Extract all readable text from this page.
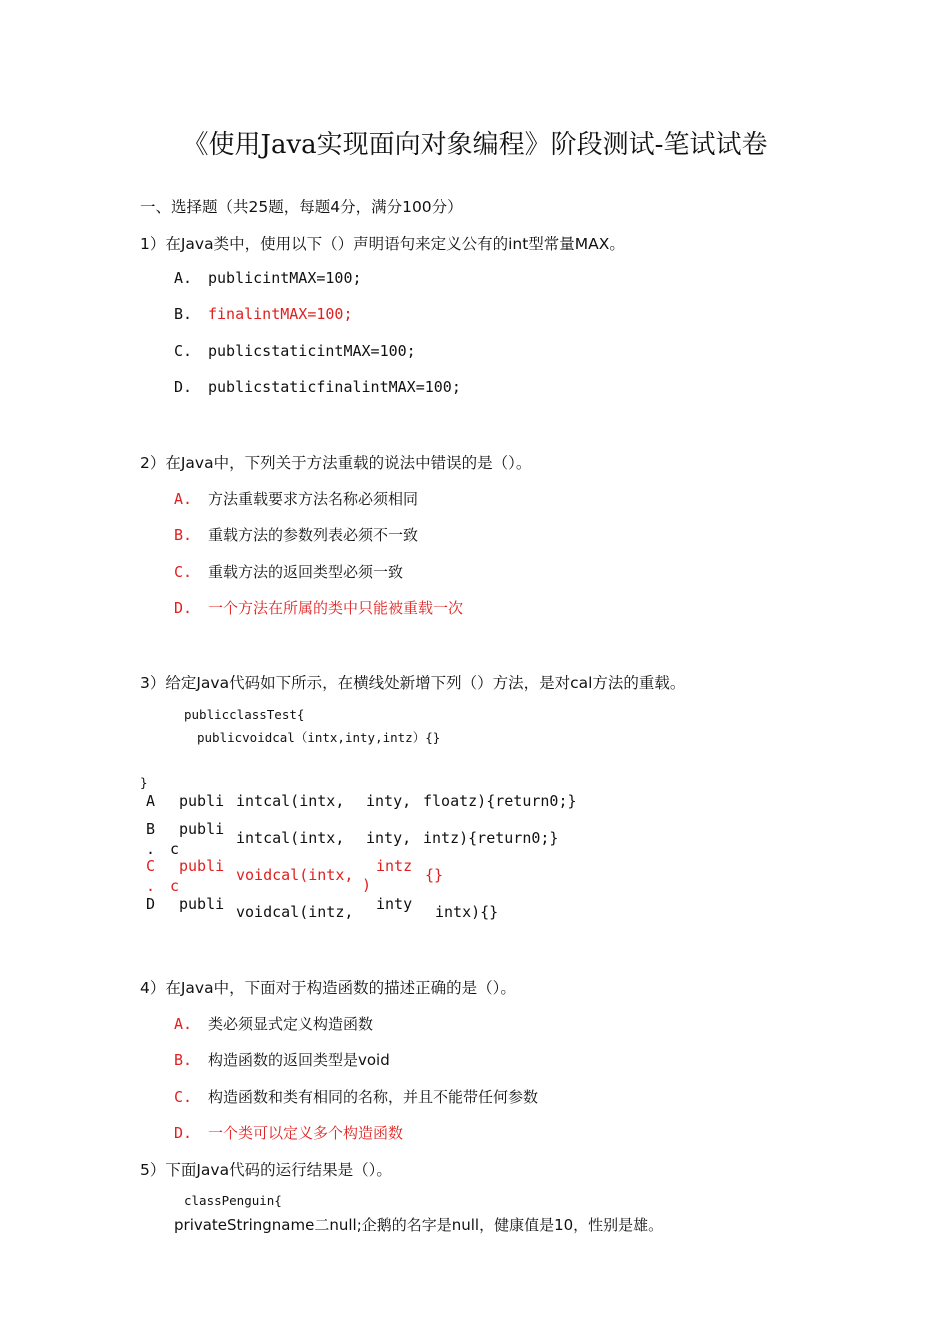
《使用Java实现面向对象编程》阶段测试-笔试试卷
一、选择题（共25题，每题4分，满分100分）
1）在Java类中，使用以下（）声明语句来定义公有的int型常量MAX。
A. publicintMAX=100;
B. finalintMAX=100;
C. publicstaticintMAX=100;
D. publicstaticfinalintMAX=100;
2）在Java中，下列关于方法重载的说法中错误的是（）。
A. 方法重载要求方法名称必须相同
B. 重载方法的参数列表必须不一致
C. 重载方法的返回类型必须一致
D. 一个方法在所属的类中只能被重载一次
3）给定Java代码如下所示，在横线处新增下列（）方法，是对cal方法的重载。
publicclassTest{
publicvoidcal（intx,inty,intz）{}
}
A publi intcal(intx, inty, floatz){return0;}
B
.
publi
c
intcal(intx, inty, intz){return0;}
C
.
publi
c
voidcal(intx, intz
)
{}
D publi voidcal(intz, inty intx){}
4）在Java中，下面对于构造函数的描述正确的是（）。
A. 类必须显式定义构造函数
B. 构造函数的返回类型是void
C. 构造函数和类有相同的名称，并且不能带任何参数
D. 一个类可以定义多个构造函数
5）下面Java代码的运行结果是（）。
classPenguin{
privateStringname二null;企鹅的名字是null，健康值是10，性别是雄。
